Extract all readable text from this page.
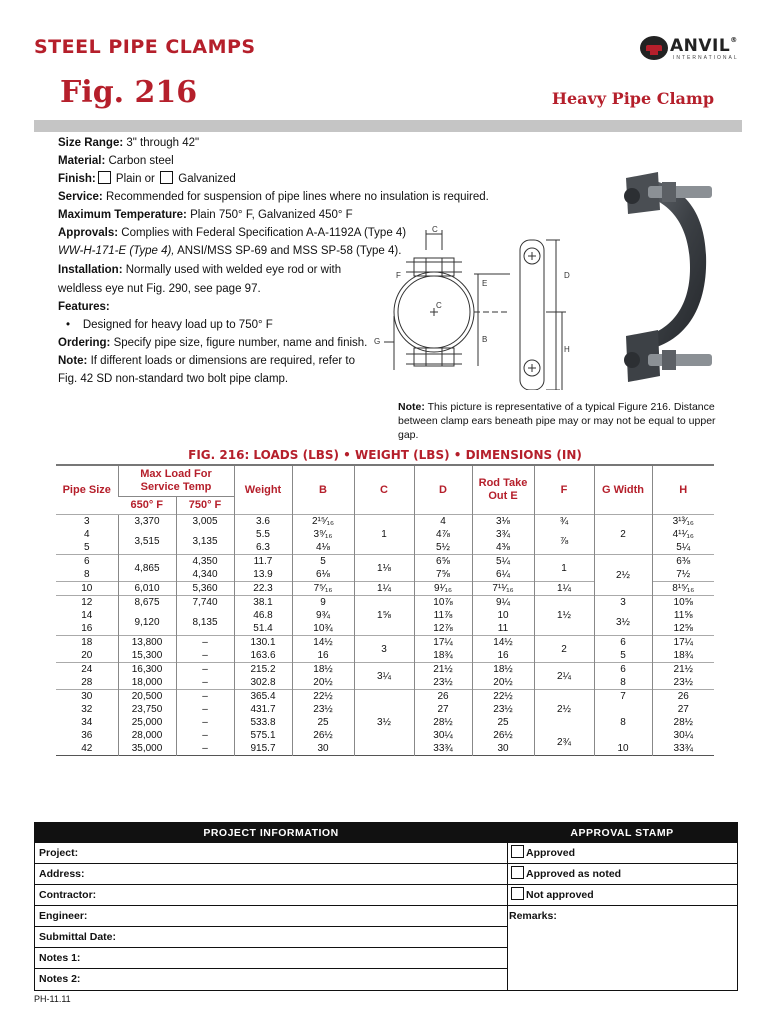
STEEL PIPE CLAMPS	ANVIL®
INTERNATIONAL
Fig. 216	Heavy Pipe Clamp
Size Range: 3" through 42"
Material: Carbon steel
Finish: Plain or  Galvanized
Service: Recommended for suspension of pipe lines where no insulation is required.
Maximum Temperature: Plain 750° F, Galvanized 450° F
Approvals: Complies with Federal Specification A-A-1192A (Type 4)
WW-H-171-E (Type 4), ANSI/MSS SP-69 and MSS SP-58 (Type 4).
Installation: Normally used with welded eye rod or with
weldless eye nut Fig. 290, see page 97.
Features:
•    Designed for heavy load up to 750° F
Ordering: Specify pipe size, figure number, name and finish.
Note: If different loads or dimensions are required, refer to
Fig. 42 SD non-standard two bolt pipe clamp.
C
F
E
D
G	B
H
C
Note: This picture is representative of a typical Figure 216. Distance between clamp ears beneath pipe may or may not be equal to upper gap.
FIG. 216: LOADS (LBS) • WEIGHT (LBS) • DIMENSIONS (IN)
Pipe Size	Max Load For Service Temp		Weight	B	C	D	Rod Take Out E	F	G Width	H
	650° F	750° F								
3	3,370	3,005	3.6	2¹⁵⁄₁₆	1	4	3⅛	¾	2	3¹³⁄₁₆
4	3,515	3,135	5.5	3⁹⁄₁₆		4⅞	3¾	⅞		4¹¹⁄₁₆
5			6.3	4⅛		5½	4⅜			5¼
6	4,865	4,350	11.7	5	1⅛	6⅝	5¼	1	2½	6⅜
8		4,340	13.9	6⅛		7⅝	6¼			7½
10	6,010	5,360	22.3	7⁵⁄₁₆	1¼	9¹⁄₁₆	7¹¹⁄₁₆	1¼		8¹⁵⁄₁₆
12	8,675	7,740	38.1	9	1⅝	10⅞	9¼	1½	3	10⅝
14	9,120	8,135	46.8	9¾		11⅞	10		3½	11⅝
16			51.4	10¾		12⅞	11			12⅝
18	13,800	–	130.1	14½	3	17¼	14½	2	6	17¼
20	15,300	–	163.6	16		18¾	16		5	18¾
24	16,300	–	215.2	18½	3¼	21½	18½	2¼	6	21½
28	18,000	–	302.8	20½		23½	20½		8	23½
30	20,500	–	365.4	22½	3½	26	22½		7	26
32	23,750	–	431.7	23½		27	23½	2½	8	27
34	25,000	–	533.8	25		28½	25			28½
36	28,000	–	575.1	26½		30¼	26½	2¾		30¼
42	35,000	–	915.7	30		33¾	30		10	33¾
PROJECT INFORMATION	APPROVAL STAMP
Project:
Address:
Contractor:
Engineer:
Submittal Date:
Notes 1:
Notes 2:
Approved
Approved as noted
Not approved
Remarks:
PH-11.11
